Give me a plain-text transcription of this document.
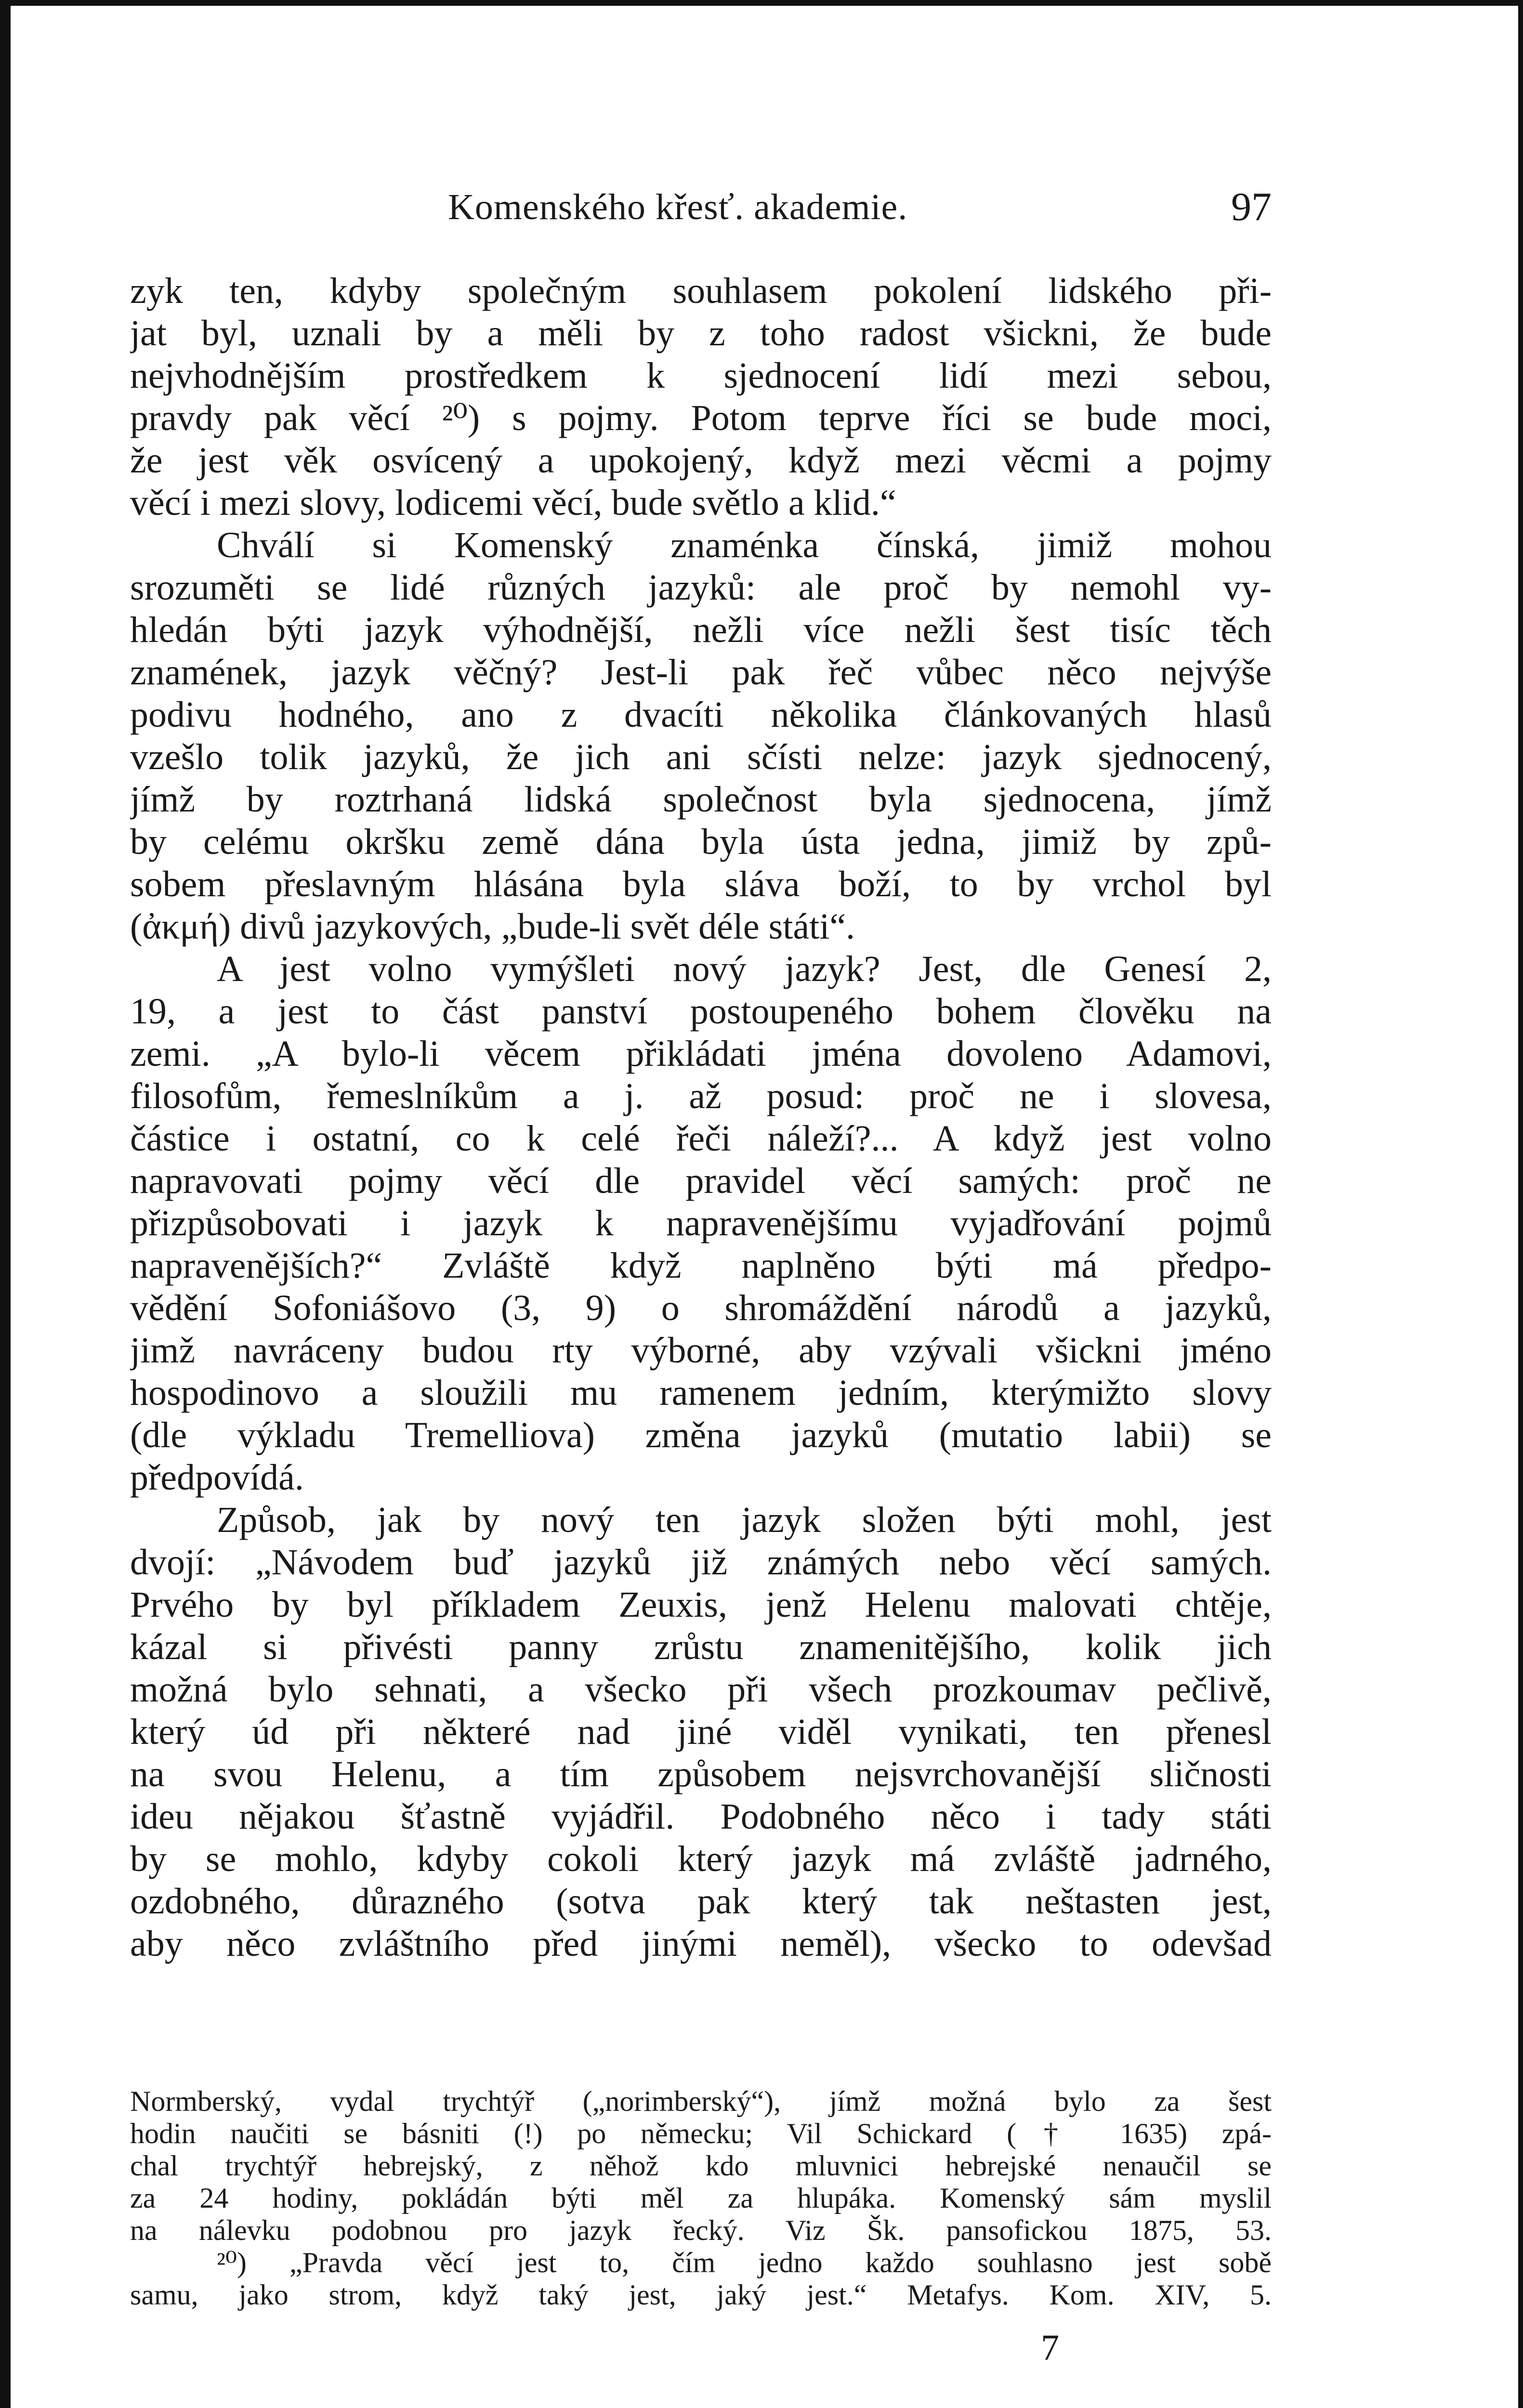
Komenského křesť. akademie.	97
zyk ten, kdyby společným souhlasem pokolení lidského při-
jat byl, uznali by a měli by z toho radost všickni, že bude
nejvhodnějším prostředkem k sjednocení lidí mezi sebou,
pravdy pak věcí ²⁰) s pojmy. Potom teprve říci se bude moci,
že jest věk osvícený a upokojený, když mezi věcmi a pojmy
věcí i mezi slovy, lodicemi věcí, bude světlo a klid.“
Chválí si Komenský znaménka čínská, jimiž mohou
srozuměti se lidé různých jazyků: ale proč by nemohl vy-
hledán býti jazyk výhodnější, nežli více nežli šest tisíc těch
znamének, jazyk věčný? Jest-li pak řeč vůbec něco nejvýše
podivu hodného, ano z dvacíti několika článkovaných hlasů
vzešlo tolik jazyků, že jich ani sčísti nelze: jazyk sjednocený,
jímž by roztrhaná lidská společnost byla sjednocena, jímž
by celému okršku země dána byla ústa jedna, jimiž by způ-
sobem přeslavným hlásána byla sláva boží, to by vrchol byl
(ἀκμή) divů jazykových, „bude-li svět déle státi“.
A jest volno vymýšleti nový jazyk? Jest, dle Genesí 2,
19, a jest to část panství postoupeného bohem člověku na
zemi. „A bylo-li věcem přikládati jména dovoleno Adamovi,
filosofům, řemeslníkům a j. až posud: proč ne i slovesa,
částice i ostatní, co k celé řeči náleží?... A když jest volno
napravovati pojmy věcí dle pravidel věcí samých: proč ne
přizpůsobovati i jazyk k napravenějšímu vyjadřování pojmů
napravenějších?“ Zvláště když naplněno býti má předpo-
vědění Sofoniášovo (3, 9) o shromáždění národů a jazyků,
jimž navráceny budou rty výborné, aby vzývali všickni jméno
hospodinovo a sloužili mu ramenem jedním, kterýmižto slovy
(dle výkladu Tremelliova) změna jazyků (mutatio labii) se
předpovídá.
Způsob, jak by nový ten jazyk složen býti mohl, jest
dvojí: „Návodem buď jazyků již známých nebo věcí samých.
Prvého by byl příkladem Zeuxis, jenž Helenu malovati chtěje,
kázal si přivésti panny zrůstu znamenitějšího, kolik jich
možná bylo sehnati, a všecko při všech prozkoumav pečlivě,
který úd při některé nad jiné viděl vynikati, ten přenesl
na svou Helenu, a tím způsobem nejsvrchovanější sličnosti
ideu nějakou šťastně vyjádřil. Podobného něco i tady státi
by se mohlo, kdyby cokoli který jazyk má zvláště jadrného,
ozdobného, důrazného (sotva pak který tak neštasten jest,
aby něco zvláštního před jinými neměl), všecko to odevšad
Normberský, vydal trychtýř („norimberský“), jímž možná bylo za šest
hodin naučiti se básniti (!) po německu; Vil Schickard († 1635) zpá-
chal trychtýř hebrejský, z něhož kdo mluvnici hebrejské nenaučil se
za 24 hodiny, pokládán býti měl za hlupáka. Komenský sám myslil
na nálevku podobnou pro jazyk řecký. Viz Šk. pansofickou 1875, 53.
²⁰) „Pravda věcí jest to, čím jedno každo souhlasno jest sobě
samu, jako strom, když taký jest, jaký jest.“ Metafys. Kom. XIV, 5.
7
